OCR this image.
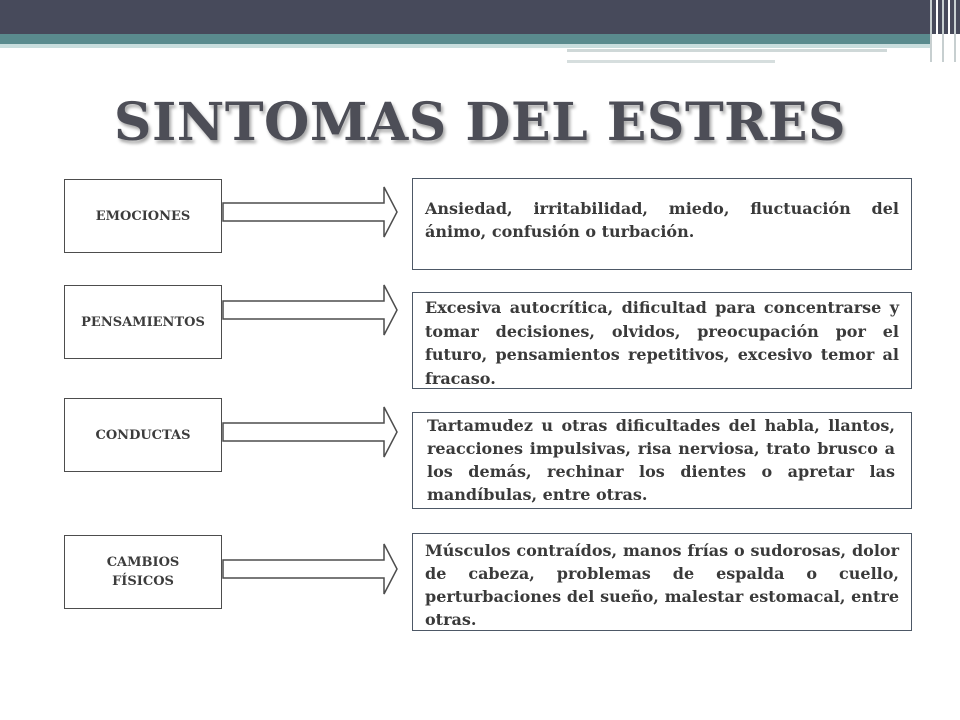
SINTOMAS DEL ESTRES
EMOCIONES	Ansiedad, irritabilidad, miedo, fluctuación del ánimo, confusión o turbación.
PENSAMIENTOS
Excesiva autocrítica, dificultad para concentrarse y tomar decisiones, olvidos, preocupación por el futuro, pensamientos repetitivos, excesivo temor al fracaso.
CONDUCTAS	Tartamudez u otras dificultades del habla, llantos, reacciones impulsivas, risa nerviosa, trato brusco a los demás, rechinar los dientes o apretar las mandíbulas, entre otras.
CAMBIOS FÍSICOS
Músculos contraídos, manos frías o sudorosas, dolor de cabeza, problemas de espalda o cuello, perturbaciones del sueño, malestar estomacal, entre otras.
